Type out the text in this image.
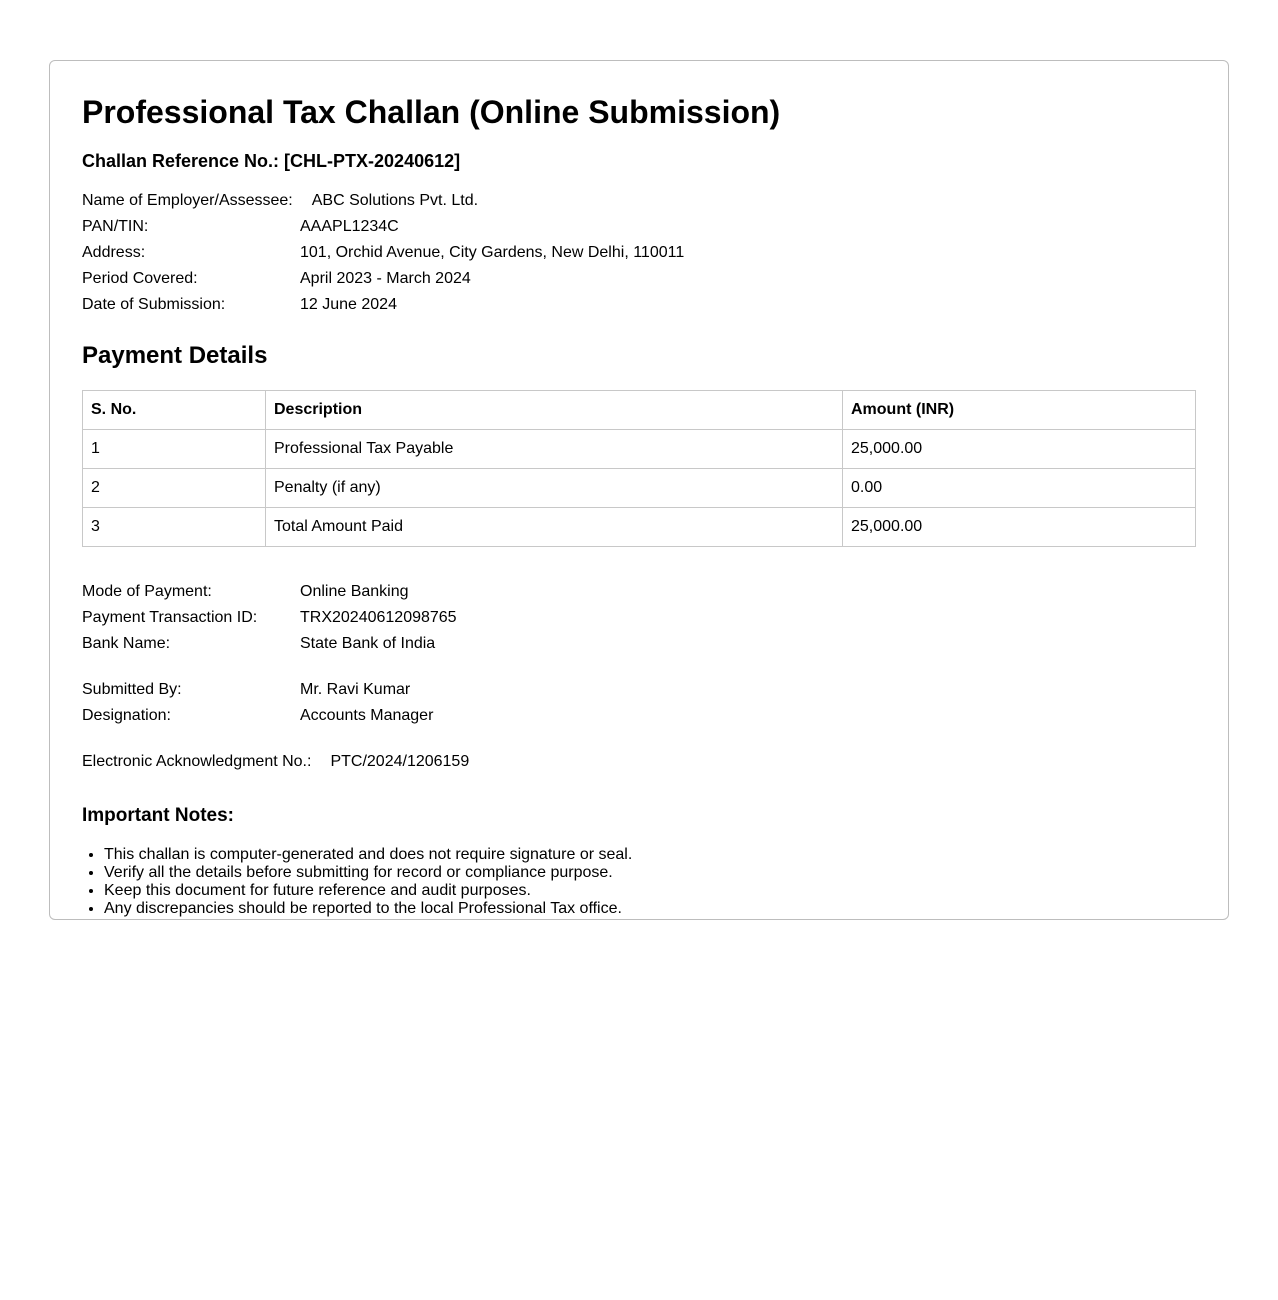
Professional Tax Challan (Online Submission)
Challan Reference No.: [CHL-PTX-20240612]
Name of Employer/Assessee: ABC Solutions Pvt. Ltd.
PAN/TIN:	AAAPL1234C
Address:	101, Orchid Avenue, City Gardens, New Delhi, 110011
Period Covered:	April 2023 - March 2024
Date of Submission:	12 June 2024
Payment Details
S. No.	Description	Amount (INR)
1	Professional Tax Payable	25,000.00
2	Penalty (if any)	0.00
3	Total Amount Paid	25,000.00
Mode of Payment:	Online Banking
Payment Transaction ID:	TRX20240612098765
Bank Name:	State Bank of India
Submitted By:	Mr. Ravi Kumar
Designation:	Accounts Manager
Electronic Acknowledgment No.: PTC/2024/1206159
Important Notes:
• This challan is computer-generated and does not require signature or seal.
• Verify all the details before submitting for record or compliance purpose.
• Keep this document for future reference and audit purposes.
• Any discrepancies should be reported to the local Professional Tax office.
